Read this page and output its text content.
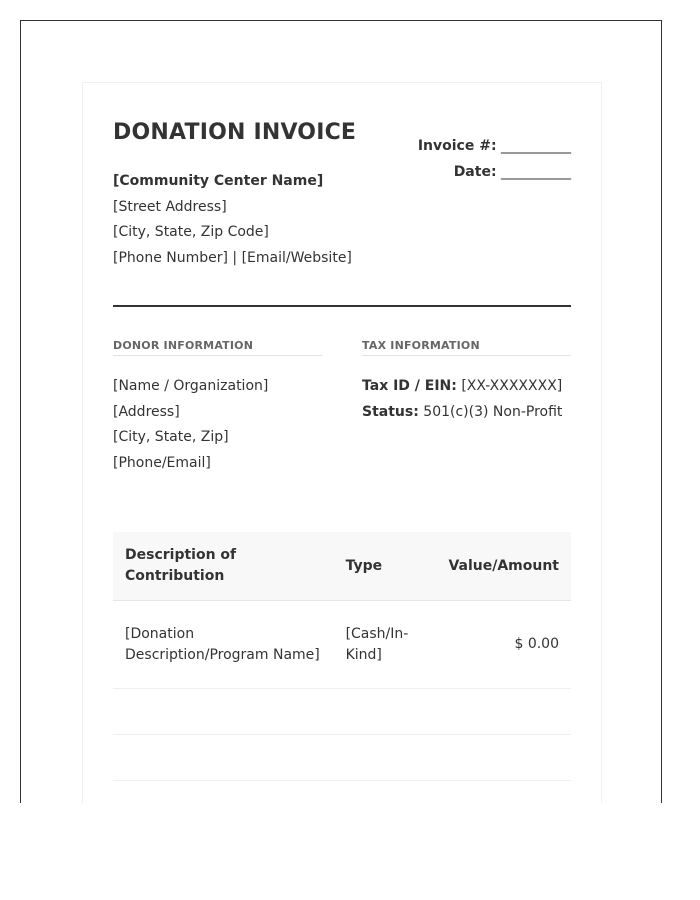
DONATION INVOICE
Invoice #: __________
Date: __________
[Community Center Name]
[Street Address]
[City, State, Zip Code]
[Phone Number] | [Email/Website]
DONOR INFORMATION
[Name / Organization]
[Address]
[City, State, Zip]
[Phone/Email]
TAX INFORMATION
Tax ID / EIN: [XX-XXXXXXX]
Status: 501(c)(3) Non-Profit
Description of Contribution	Type	Value/Amount
[Donation Description/Program Name]	[Cash/In-Kind]	$ 0.00
